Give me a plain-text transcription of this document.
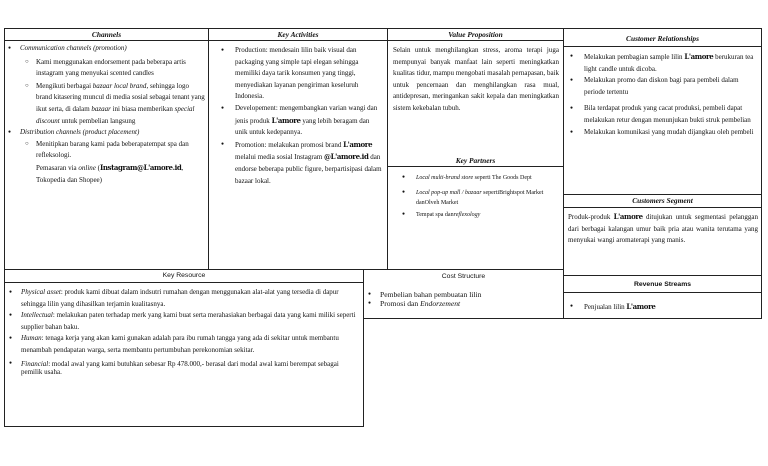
Channels
● Communication channels (promotion)
○ Kami menggunakan endorsement pada beberapa artis instagram yang menyukai scented candles
○ Mengikuti berbagai bazaar local brand, sehingga logo brand kitasering muncul di media sosial sebagai tenant yang ikut serta, di dalam bazaar ini biasa memberikan special discount untuk pembelian langsung
● Distribution channels (product placement)
○ Menitipkan barang kami pada beberapatempat spa dan refleksologi.
Pemasaran via online (Instagram@L'amore.id, Tokopedia dan Shopee)
Key Activities
● Production: mendesain lilin baik visual dan packaging yang simple tapi elegan sehingga memiliki daya tarik konsumen yang tinggi, menyediakan layanan pengiriman keseluruh Indonesia.
● Developement: mengembangkan varian wangi dan jenis produk L'amore yang lebih beragam dan unik untuk kedepannya.
● Promotion: melakukan promosi brand L'amore melalui media sosial Instagram @L'amore.id dan endorse beberapa public figure, berpartisipasi dalam bazaar lokal.
Value Proposition
Selain untuk menghilangkan stress, aroma terapi juga mempunyai banyak manfaat lain seperti meningkatkan kualitas tidur, mampu mengobati masalah pernapasan, baik untuk pencernaan dan menghilangkan rasa mual, antidepresan, meringankan sakit kepala dan meningkatkan sistem kekebalan tubuh.
Key Partners
● Local multi-brand store seperti The Goods Dept
● Local pop-up mall / bazaar sepertiBrightspot Market danOlveh Market
● Tempat spa danreflexology
Customer Relationships
● Melakukan pembagian sample lilin L'amore berukuran tea light candle untuk dicoba.
● Melakukan promo dan diskon bagi para pembeli dalam periode tertentu
● Bila terdapat produk yang cacat produksi, pembeli dapat melakukan retur dengan menunjukan bukti struk pembelian
● Melakukan komunikasi yang mudah dijangkau oleh pembeli
Customers Segment
Produk-produk L'amore ditujukan untuk segmentasi pelanggan dari berbagai kalangan umur baik pria atau wanita terutama yang menyukai wangi aromaterapi yang manis.
Key Resource
● Physical asset: produk kami dibuat dalam indsutri rumahan dengan menggunakan alat-alat yang tersedia di dapur sehingga lilin yang dihasilkan terjamin kualitasnya.
● Intellectual: melakukan paten terhadap merk yang kami buat serta merahasiakan berbagai data yang kami miliki seperti supplier bahan baku.
● Human: tenaga kerja yang akan kami gunakan adalah para ibu rumah tangga yang ada di sekitar untuk membantu menambah pendapatan warga, serta membantu pertumbuhan perekonomian sekitar.
● Financial: modal awal yang kami butuhkan sebesar Rp 478.000,- berasal dari modal awal kami berempat sebagai pemilik usaha.
Cost Structure
● Pembelian bahan pembuatan lilin
● Promosi dan Endorzement
Revenue Streams
● Penjualan lilin L'amore
